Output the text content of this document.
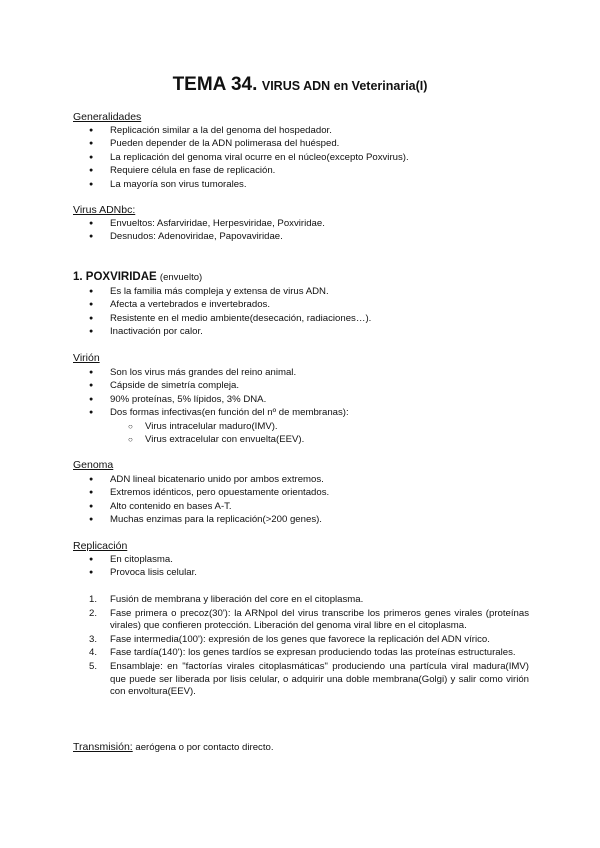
TEMA 34. VIRUS ADN en Veterinaria(I)
Generalidades
● Replicación similar a la del genoma del hospedador.
● Pueden depender de la ADN polimerasa del huésped.
● La replicación del genoma viral ocurre en el núcleo(excepto Poxvirus).
● Requiere célula en fase de replicación.
● La mayoría son virus tumorales.
Virus ADNbc:
● Envueltos: Asfarviridae, Herpesviridae, Poxviridae.
● Desnudos: Adenoviridae, Papovaviridae.
1. POXVIRIDAE (envuelto)
● Es la familia más compleja y extensa de virus ADN.
● Afecta a vertebrados e invertebrados.
● Resistente en el medio ambiente(desecación, radiaciones…).
● Inactivación por calor.
Virión
● Son los virus más grandes del reino animal.
● Cápside de simetría compleja.
● 90% proteínas, 5% lípidos, 3% DNA.
● Dos formas infectivas(en función del nº de membranas):
○ Virus intracelular maduro(IMV).
○ Virus extracelular con envuelta(EEV).
Genoma
● ADN lineal bicatenario unido por ambos extremos.
● Extremos idénticos, pero opuestamente orientados.
● Alto contenido en bases A-T.
● Muchas enzimas para la replicación(>200 genes).
Replicación
● En citoplasma.
● Provoca lisis celular.
1. Fusión de membrana y liberación del core en el citoplasma.
2. Fase primera o precoz(30'): la ARNpol del virus transcribe los primeros genes virales (proteínas virales) que confieren protección. Liberación del genoma viral libre en el citoplasma.
3. Fase intermedia(100'): expresión de los genes que favorece la replicación del ADN vírico.
4. Fase tardía(140'): los genes tardíos se expresan produciendo todas las proteínas estructurales.
5. Ensamblaje: en "factorías virales citoplasmáticas" produciendo una partícula viral madura(IMV) que puede ser liberada por lisis celular, o adquirir una doble membrana(Golgi) y salir como virión con envoltura(EEV).
Transmisión: aerógena o por contacto directo.
